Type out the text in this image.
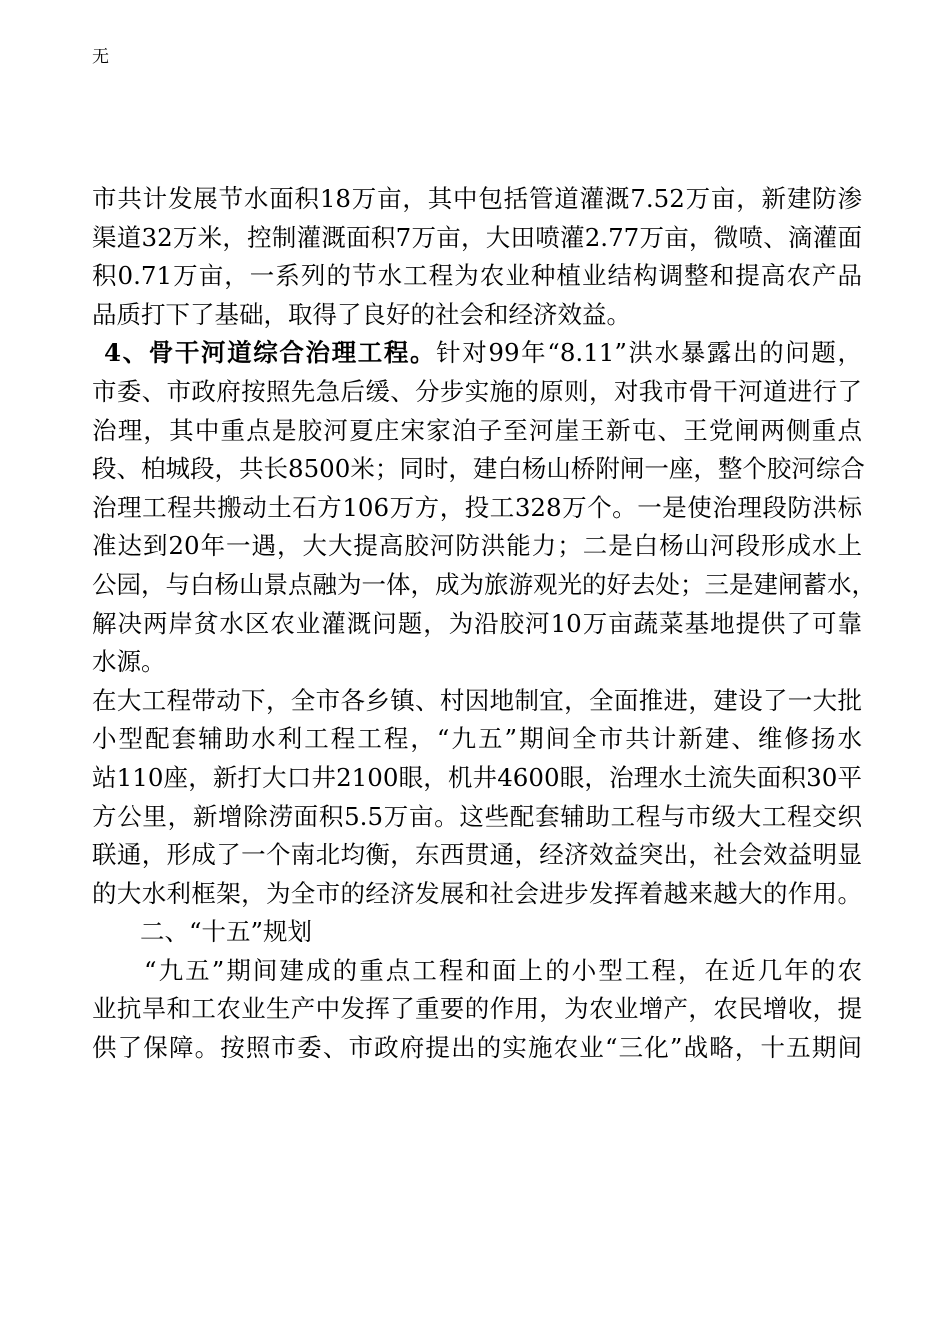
无
市共计发展节水面积18万亩，其中包括管道灌溉7.52万亩，新建防渗
渠道32万米，控制灌溉面积7万亩，大田喷灌2.77万亩，微喷、滴灌面
积0.71万亩，一系列的节水工程为农业种植业结构调整和提高农产品
品质打下了基础，取得了良好的社会和经济效益。
4、骨干河道综合治理工程。针对99年“8.11”洪水暴露出的问题，
市委、市政府按照先急后缓、分步实施的原则，对我市骨干河道进行了
治理，其中重点是胶河夏庄宋家泊子至河崖王新屯、王党闸两侧重点
段、柏城段，共长8500米；同时，建白杨山桥附闸一座，整个胶河综合
治理工程共搬动土石方106万方，投工328万个。一是使治理段防洪标
准达到20年一遇，大大提高胶河防洪能力；二是白杨山河段形成水上
公园，与白杨山景点融为一体，成为旅游观光的好去处；三是建闸蓄水，
解决两岸贫水区农业灌溉问题，为沿胶河10万亩蔬菜基地提供了可靠
水源。
在大工程带动下，全市各乡镇、村因地制宜，全面推进，建设了一大批
小型配套辅助水利工程工程，“九五”期间全市共计新建、维修扬水
站110座，新打大口井2100眼，机井4600眼，治理水土流失面积30平
方公里，新增除涝面积5.5万亩。这些配套辅助工程与市级大工程交织
联通，形成了一个南北均衡，东西贯通，经济效益突出，社会效益明显
的大水利框架，为全市的经济发展和社会进步发挥着越来越大的作用。
二、“十五”规划
“九五”期间建成的重点工程和面上的小型工程，在近几年的农
业抗旱和工农业生产中发挥了重要的作用，为农业增产，农民增收，提
供了保障。按照市委、市政府提出的实施农业“三化”战略，十五期间
